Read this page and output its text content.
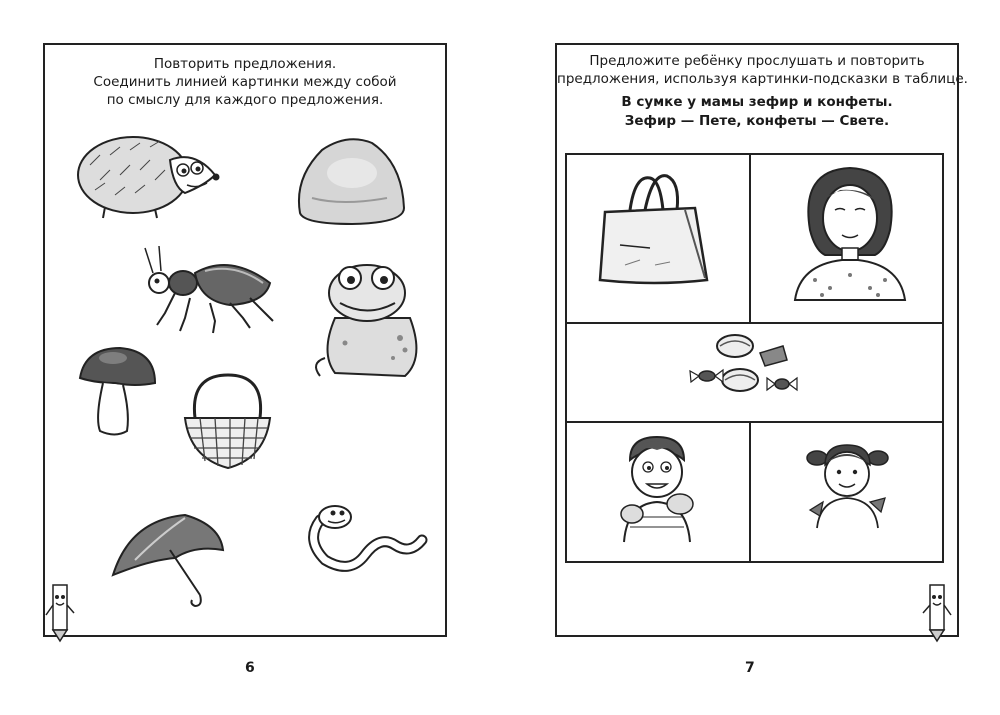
Повторить предложения.
Соединить линией картинки между собой
по смыслу для каждого предложения.
6
Предложите ребёнку прослушать и повторить
предложения, используя картинки-подсказки в таблице.
В сумке у мамы зефир и конфеты.
Зефир — Пете, конфеты — Свете.
7
